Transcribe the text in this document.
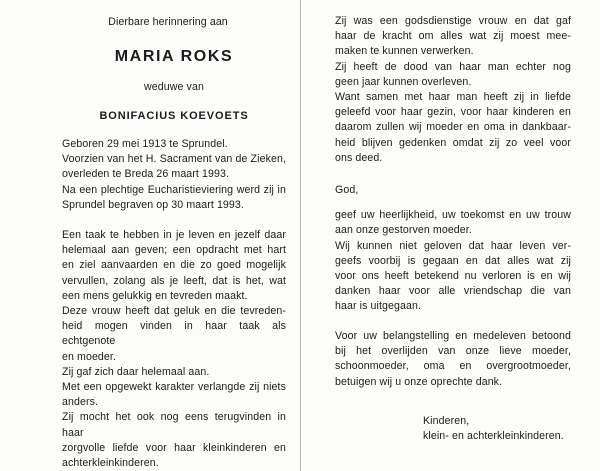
Dierbare herinnering aan
MARIA ROKS
weduwe van
BONIFACIUS KOEVOETS
Geboren 29 mei 1913 te Sprundel.
Voorzien van het H. Sacrament van de Zieken,
overleden te Breda 26 maart 1993.
Na een plechtige Eucharistieviering werd zij in
Sprundel begraven op 30 maart 1993.
Een taak te hebben in je leven en jezelf daar
helemaal aan geven; een opdracht met hart
en ziel aanvaarden en die zo goed mogelijk
vervullen, zolang als je leeft, dat is het, wat
een mens gelukkig en tevreden maakt.
Deze vrouw heeft dat geluk en die tevreden-
heid mogen vinden in haar taak als echtgenote
en moeder.
Zij gaf zich daar helemaal aan.
Met een opgewekt karakter verlangde zij niets
anders.
Zij mocht het ook nog eens terugvinden in haar
zorgvolle liefde voor haar kleinkinderen en
achterkleinkinderen.
Zij was een godsdienstige vrouw en dat gaf
haar de kracht om alles wat zij moest mee-
maken te kunnen verwerken.
Zij heeft de dood van haar man echter nog
geen jaar kunnen overleven.
Want samen met haar man heeft zij in liefde
geleefd voor haar gezin, voor haar kinderen en
daarom zullen wij moeder en oma in dankbaar-
heid blijven gedenken omdat zij zo veel voor
ons deed.
God,
geef uw heerlijkheid, uw toekomst en uw trouw
aan onze gestorven moeder.
Wij kunnen niet geloven dat haar leven ver-
geefs voorbij is gegaan en dat alles wat zij
voor ons heeft betekend nu verloren is en wij
danken haar voor alle vriendschap die van
haar is uitgegaan.
Voor uw belangstelling en medeleven betoond
bij het overlijden van onze lieve moeder,
schoonmoeder, oma en overgrootmoeder,
betuigen wij u onze oprechte dank.
Kinderen,
klein- en achterkleinkinderen.
